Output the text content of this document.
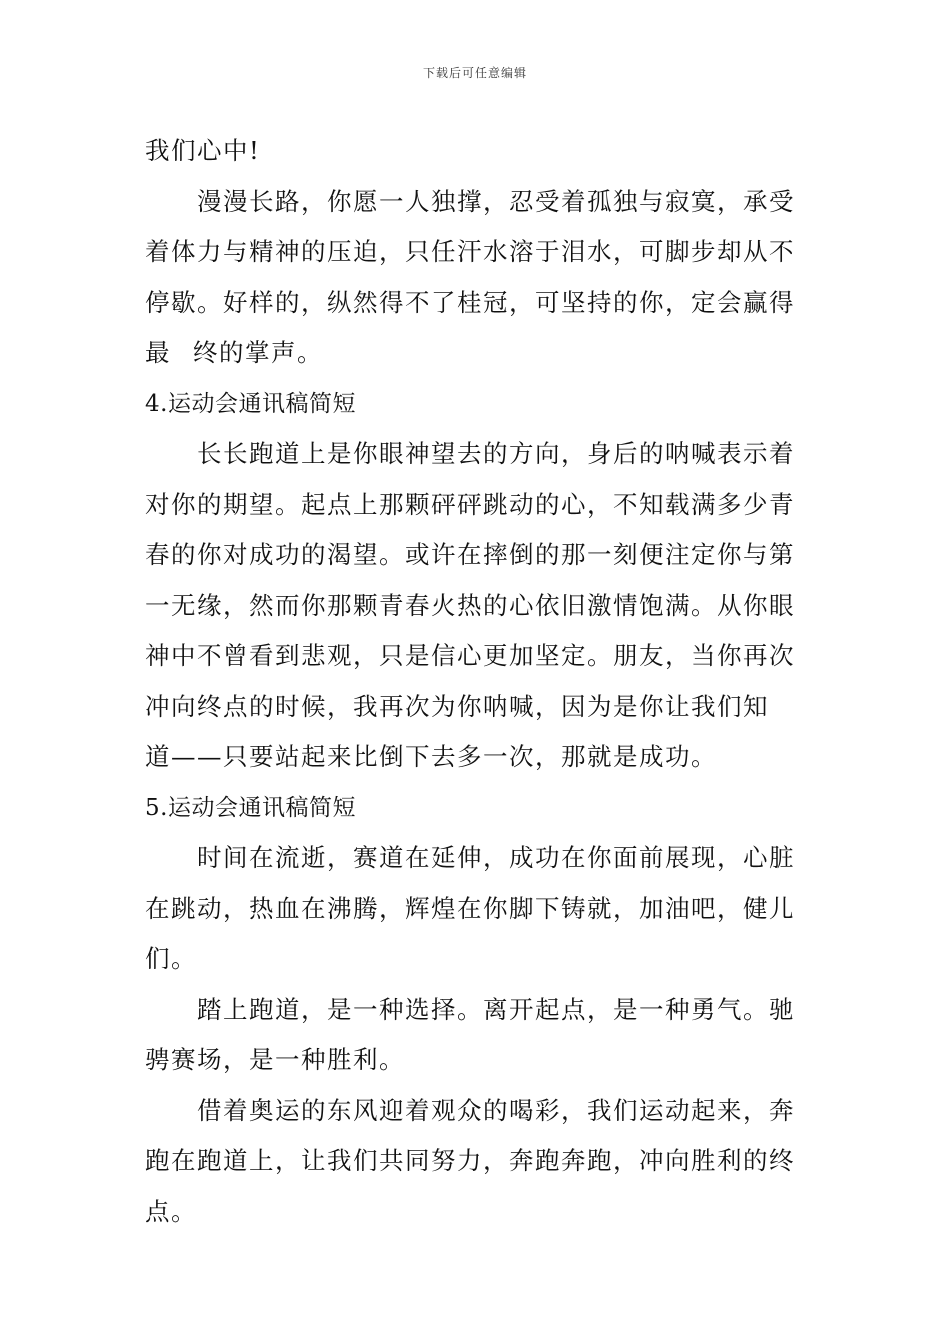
下载后可任意编辑
我们心中!
漫漫长路，你愿一人独撑，忍受着孤独与寂寞，承受
着体力与精神的压迫，只任汗水溶于泪水，可脚步却从不
停歇。好样的，纵然得不了桂冠，可坚持的你，定会赢得
最 终的掌声。
4.运动会通讯稿简短
长长跑道上是你眼神望去的方向，身后的呐喊表示着
对你的期望。起点上那颗砰砰跳动的心，不知载满多少青
春的你对成功的渴望。或许在摔倒的那一刻便注定你与第
一无缘，然而你那颗青春火热的心依旧激情饱满。从你眼
神中不曾看到悲观，只是信心更加坚定。朋友，当你再次
冲向终点的时候，我再次为你呐喊，因为是你让我们知
道——只要站起来比倒下去多一次，那就是成功。
5.运动会通讯稿简短
时间在流逝，赛道在延伸，成功在你面前展现，心脏
在跳动，热血在沸腾，辉煌在你脚下铸就，加油吧，健儿
们。
踏上跑道，是一种选择。离开起点，是一种勇气。驰
骋赛场，是一种胜利。
借着奥运的东风迎着观众的喝彩，我们运动起来，奔
跑在跑道上，让我们共同努力，奔跑奔跑，冲向胜利的终
点。
